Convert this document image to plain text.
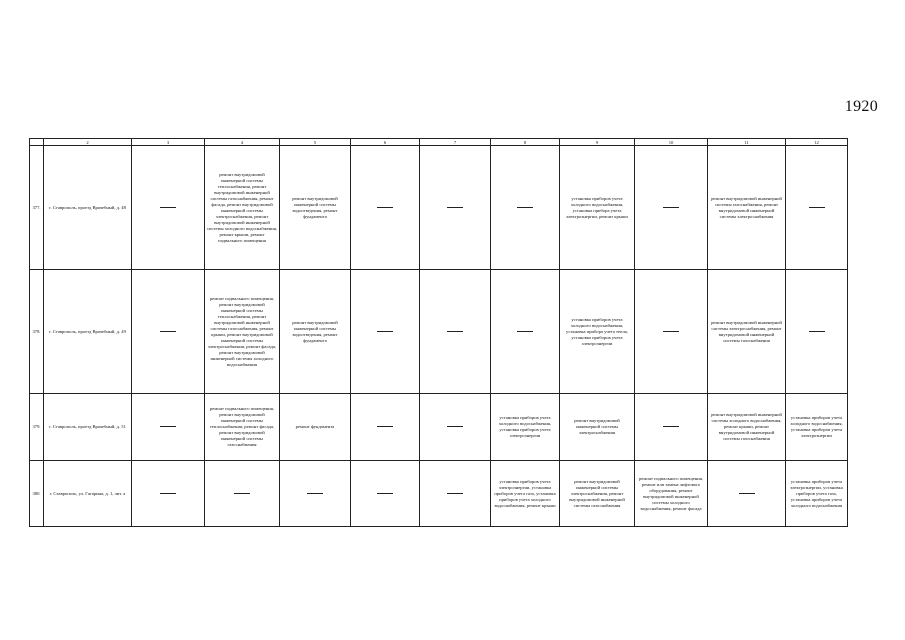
1920
	2	3	4	5	6	7	8	9	10	11	12
377.	г. Ставрополь, проезд Врачебный, д. 48		ремонт внутридомовой инженерной системы теплоснабжения, ремонт внутридомовой инженерной системы газоснабжения, ремонт фасада, ремонт внутридомовой инженерной системы электроснабжения, ремонт внутридомовой инженерной системы холодного водоснабжения, ремонт крыши, ремонт подвального помещения	ремонт внутридомовой инженерной системы водоотведения, ремонт фундамента				установка приборов учета холодного водоснабжения, установка прибора учета электроэнергии, ремонт крыши		ремонт внутридомовой инженерной системы газоснабжения, ремонт внутридомовой инженерной системы электроснабжения	
378.	г. Ставрополь, проезд Врачебный, д. 49		ремонт подвального помещения, ремонт внутридомовой инженерной системы теплоснабжения, ремонт внутридомовой инженерной системы газоснабжения, ремонт крыши, ремонт внутридомовой инженерной системы электроснабжения, ремонт фасада, ремонт внутридомовой инженерной системы холодного водоснабжения	ремонт внутридомовой инженерной системы водоотведения, ремонт фундамента				установка приборов учета холодного водоснабжения, установка прибора учета тепла, установка приборов учета электроэнергии		ремонт внутридомовой инженерной системы электроснабжения, ремонт внутридомовой инженерной системы газоснабжения	
379.	г. Ставрополь, проезд Врачебный, д. 51		ремонт подвального помещения, ремонт внутридомовой инженерной системы теплоснабжения, ремонт фасада, ремонт внутридомовой инженерной системы газоснабжения	ремонт фундамента			установка приборов учета холодного водоснабжения, установка приборов учета электроэнергии	ремонт внутридомовой инженерной системы электроснабжения		ремонт внутридомовой инженерной системы холодного водоснабжения, ремонт крыши, ремонт внутридомовой инженерной системы газоснабжения	установка приборов учета холодного водоснабжения, установка приборов учета электроэнергии
380.	г. Ставрополь, ул. Гагарина, д. 1, лит. а						установка приборов учета электроэнергии, установка приборов учета газа, установка приборов учета холодного водоснабжения, ремонт крыши	ремонт внутридомовой инженерной системы электроснабжения, ремонт внутридомовой инженерной системы газоснабжения	ремонт подвального помещения, ремонт или замена лифтового оборудования, ремонт внутридомовой инженерной системы холодного водоснабжения, ремонт фасада		установка приборов учета электроэнергии, установка приборов учета газа, установка приборов учета холодного водоснабжения
